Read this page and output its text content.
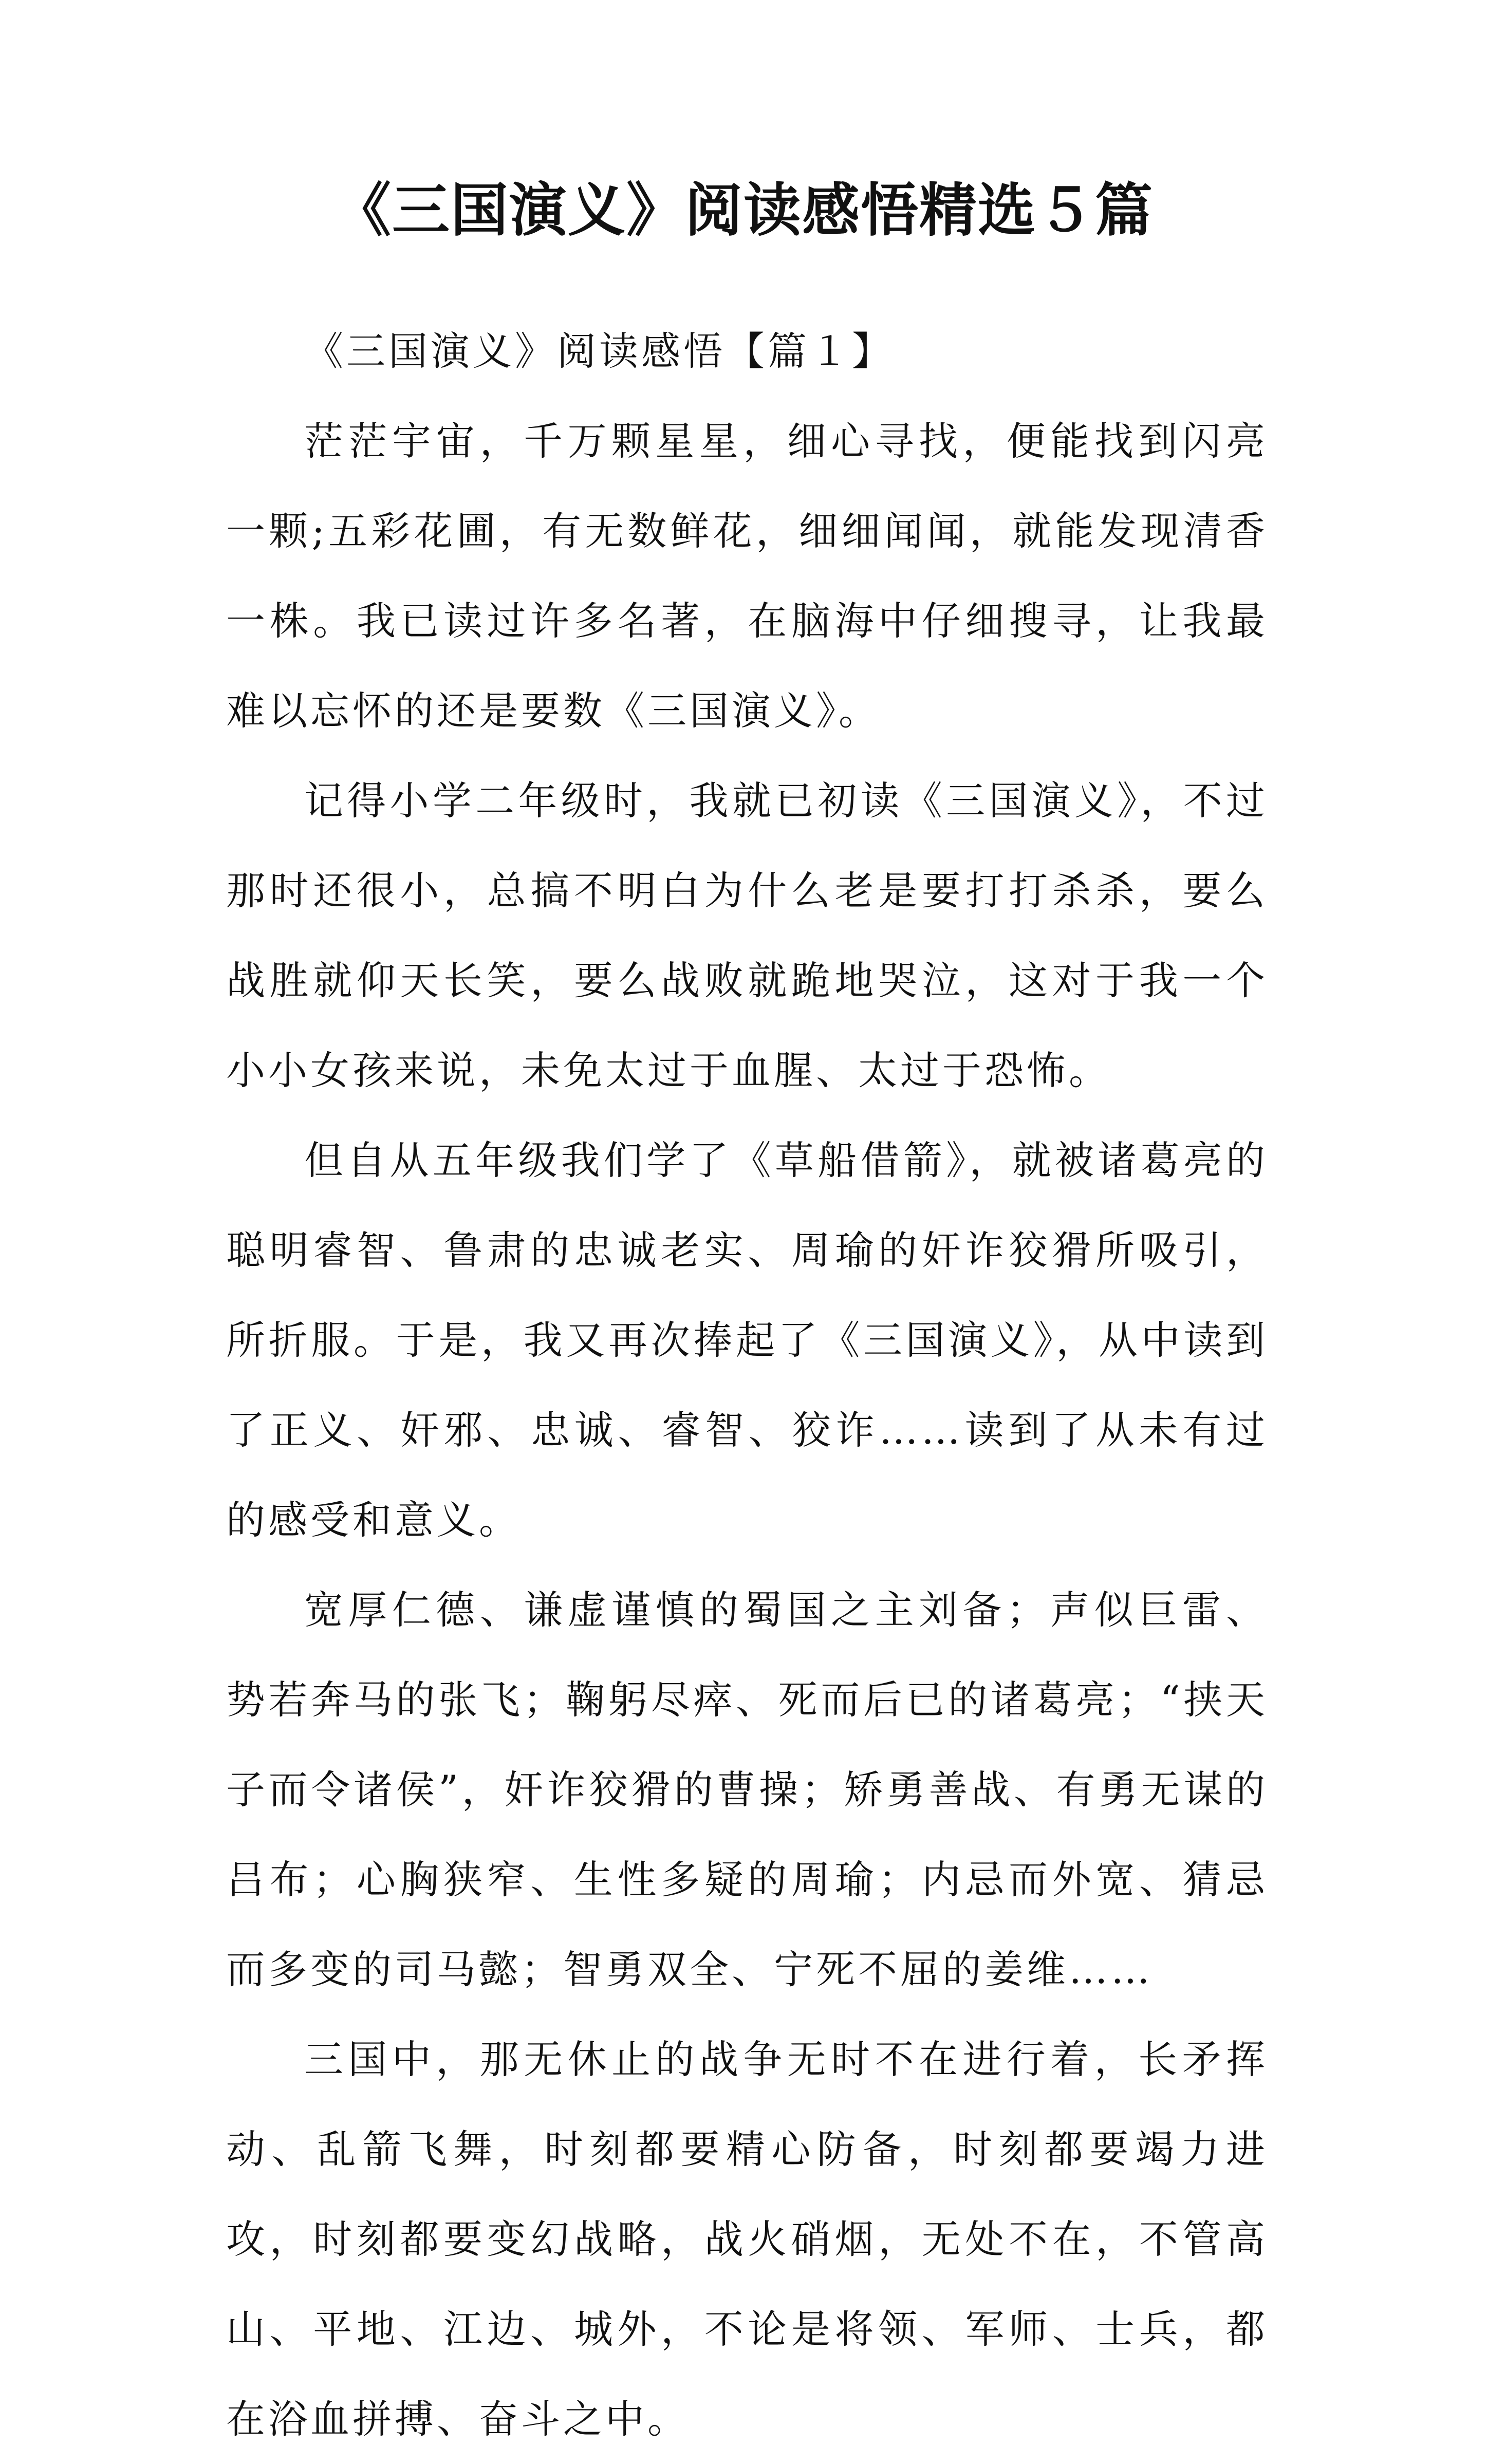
《三国演义》阅读感悟精选５篇

《三国演义》阅读感悟【篇１】

茫茫宇宙，千万颗星星，细心寻找，便能找到闪亮一颗;五彩花圃，有无数鲜花，细细闻闻，就能发现清香一株。我已读过许多名著，在脑海中仔细搜寻，让我最难以忘怀的还是要数《三国演义》。

记得小学二年级时，我就已初读《三国演义》，不过那时还很小，总搞不明白为什么老是要打打杀杀，要么战胜就仰天长笑，要么战败就跪地哭泣，这对于我一个小小女孩来说，未免太过于血腥、太过于恐怖。

但自从五年级我们学了《草船借箭》，就被诸葛亮的聪明睿智、鲁肃的忠诚老实、周瑜的奸诈狡猾所吸引，所折服。于是，我又再次捧起了《三国演义》，从中读到了正义、奸邪、忠诚、睿智、狡诈……读到了从未有过的感受和意义。

宽厚仁德、谦虚谨慎的蜀国之主刘备；声似巨雷、势若奔马的张飞；鞠躬尽瘁、死而后已的诸葛亮；“挟天子而令诸侯”，奸诈狡猾的曹操；矫勇善战、有勇无谋的吕布；心胸狭窄、生性多疑的周瑜；内忌而外宽、猜忌而多变的司马懿；智勇双全、宁死不屈的姜维……

三国中，那无休止的战争无时不在进行着，长矛挥动、乱箭飞舞，时刻都要精心防备，时刻都要竭力进攻，时刻都要变幻战略，战火硝烟，无处不在，不管高山、平地、江边、城外，不论是将领、军师、士兵，都在浴血拼搏、奋斗之中。
